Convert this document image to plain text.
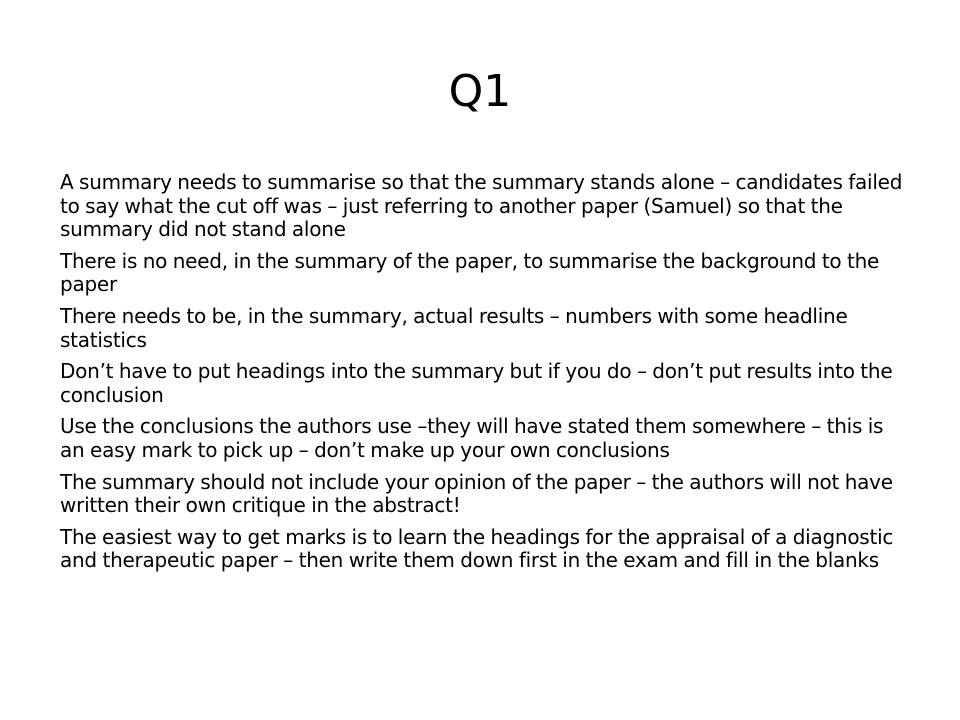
Q1

A summary needs to summarise so that the summary stands alone – candidates failed to say what the cut off was – just referring to another paper (Samuel) so that the summary did not stand alone

There is no need, in the summary of the paper, to summarise the background to the paper

There needs to be, in the summary, actual results – numbers with some headline statistics

Don’t have to put headings into the summary but if you do – don’t put results into the conclusion

Use the conclusions the authors use –they will have stated them somewhere – this is an easy mark to pick up – don’t make up your own conclusions

The summary should not include your opinion of the paper – the authors will not have written their own critique in the abstract!

The easiest way to get marks is to learn the headings for the appraisal of a diagnostic and therapeutic paper – then write them down first in the exam and fill in the blanks
